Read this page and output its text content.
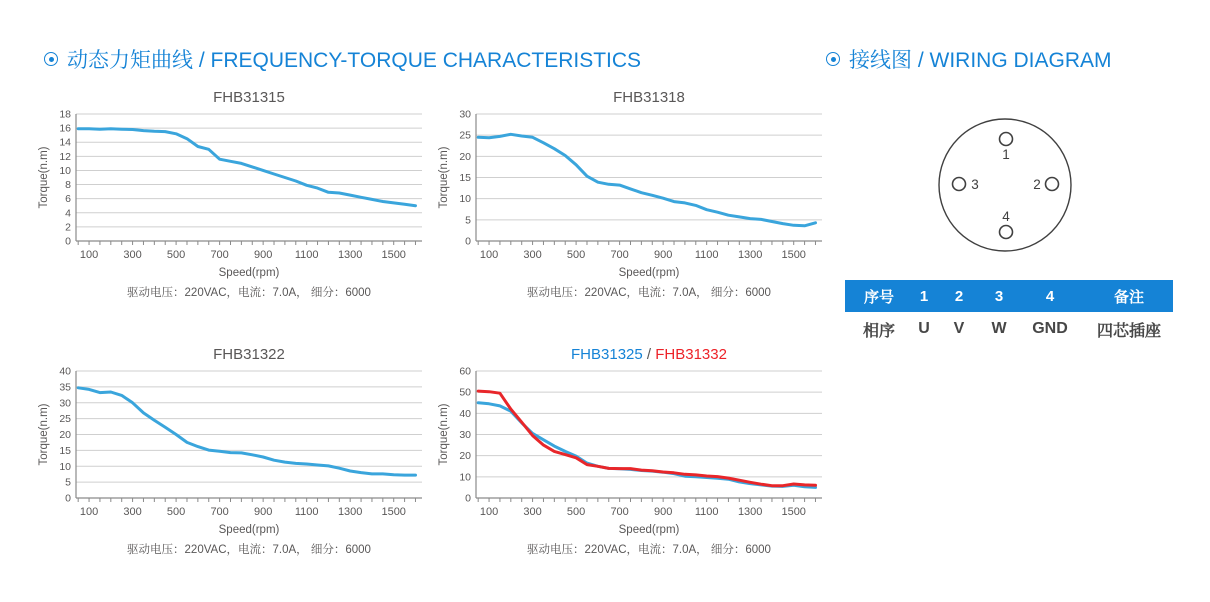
动态力矩曲线 / FREQUENCY-TORQUE CHARACTERISTICS	接线图 / WIRING DIAGRAM
FHB31315
0
2
4
6
8
10
12
14
16
18
100 300 500 700 900 1100 1300 1500
Torque(n.m)
Speed(rpm)
驱动电压：220VAC，电流：7.0A， 细分：6000
FHB31318
0
5
10
15
20
25
30
100 300 500 700 900 1100 1300 1500
Torque(n.m)
Speed(rpm)
驱动电压：220VAC，电流：7.0A， 细分：6000
FHB31322
0
5
10
15
20
25
30
35
40
100 300 500 700 900 1100 1300 1500
Torque(n.m)
Speed(rpm)
驱动电压：220VAC，电流：7.0A， 细分：6000
FHB31325 / FHB31332
0
10
20
30
40
50
60
100 300 500 700 900 1100 1300 1500
Torque(n.m)
Speed(rpm)
驱动电压：220VAC，电流：7.0A， 细分：6000
1
2
3
4
序号	1	2	3	4	备注
相序	U	V	W	GND	四芯插座
